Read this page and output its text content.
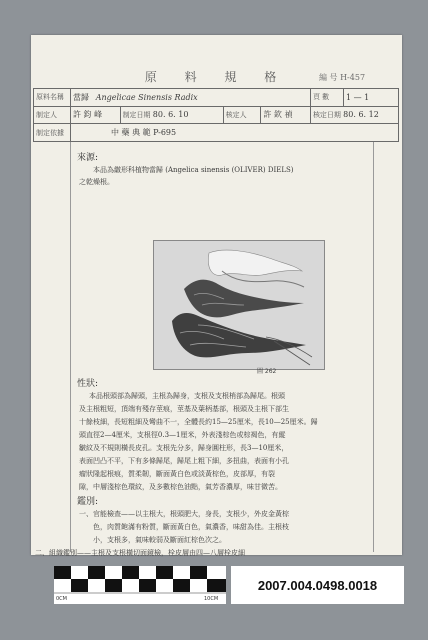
原 料 規 格	編 号 H-457
原料名稱	當歸 Angelicae Sinensis Radix				頁 數	1 — 1
制定人	許 鈞 峰	制定日期 80. 6. 10	核定人	許 欽 禎	核定日期 80. 6. 12	
制定依據	中 藥 典 範 P-695					
來源:
本品為繖形科植物當歸 (Angelica sinensis (OLIVER) DIELS)
之乾燥根。
圖 262
性狀:
本品根頭部為歸頭，主根為歸身，支根及支根梢部為歸尾。根頭
及主根粗短，頂端有殘存莖痕，莖基及葉柄基部，根頭及主根下部生
十餘枝細，長短粗細及彎曲不一，全體長約15—25厘米，長10—25厘米。歸
頭直徑2—4厘米，支根徑0.3—1厘米，外表淺棕色或棕褐色，有縱
皺紋及不規則橫長皮孔。支根先分多，歸身圓柱形，長3—10厘米，
表面凹凸不平，下有多條歸尾，歸尾上粗下細，多扭曲，表面有小孔
瘤狀隆起根痕，質柔韌，斷面黃白色或淡黃棕色，皮部厚，有裂
隙，中層淺棕色環紋，及多數棕色油點，氣芳香濃厚，味甘微苦。
鑑別:
一、官能檢查——以主根大，根頭肥大，身長，支根少，外皮金黃棕
色，肉質飽滿有粉質，斷面黃白色，氣濃香，味甜為佳。主根枝
小，支根多，氣味較弱及斷面紅棕色次之。
二、組織鑑別——主根及支根橫切面鏡檢，栓皮層由四—八層栓皮細
0CM	10CM
2007.004.0498.0018
